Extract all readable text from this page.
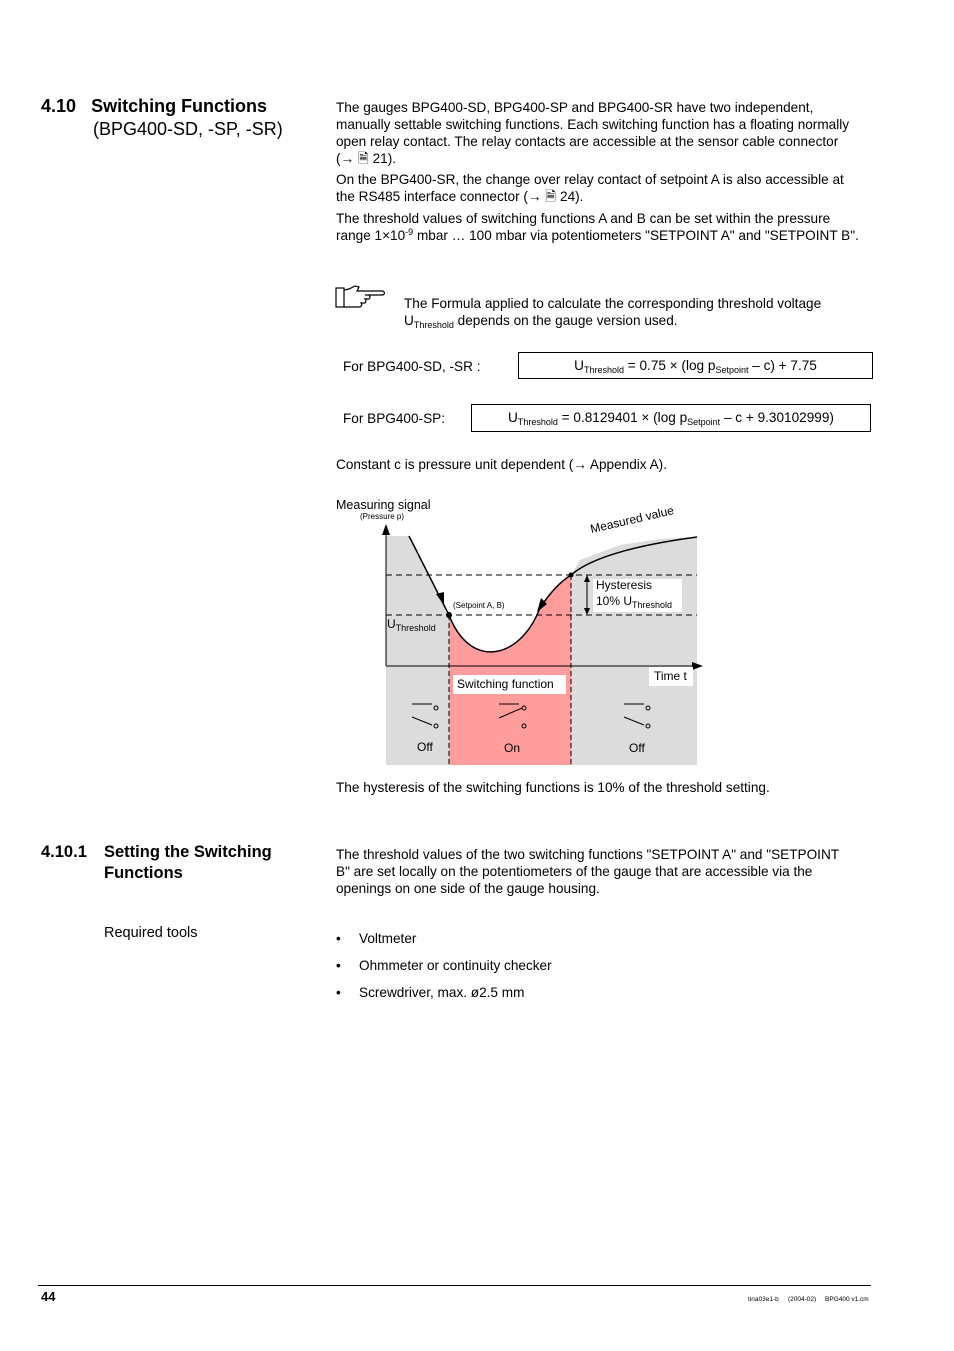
4.10 Switching Functions
(BPG400-SD, -SP, -SR)
The gauges BPG400-SD, BPG400-SP and BPG400-SR have two independent, manually settable switching functions. Each switching function has a floating normally open relay contact. The relay contacts are accessible at the sensor cable connector (→ 🗎 21).
On the BPG400-SR, the change over relay contact of setpoint A is also accessible at the RS485 interface connector (→ 🗎 24).
The threshold values of switching functions A and B can be set within the pressure range $1\times 10^{-9}$ mbar … 100 mbar via potentiometers "SETPOINT A" and "SETPOINT B".
The Formula applied to calculate the corresponding threshold voltage $U_{Threshold}$ depends on the gauge version used.
For BPG400-SD, -SR :	$U_{Threshold} = 0.75 \times (\log$ $p_{Setpoint} - c) + 7.75$
For BPG400-SP:	$U_{Threshold} = 0.8129401 \times (\log$ $p_{Setpoint} - c + 9.30102999$)
Constant c is pressure unit dependent (→ Appendix A).
Measuring signal
(Pressure p)	Measured value
Hysteresis
10% $U_{Threshold}$
$U_{Threshold}$
(Setpoint A, B)
Time t
Switching function
Off	On	Off
The hysteresis of the switching functions is 10% of the threshold setting.
4.10.1 Setting the Switching
Functions
The threshold values of the two switching functions "SETPOINT A" and "SETPOINT B" are set locally on the potentiometers of the gauge that are accessible via the openings on one side of the gauge housing.
Required tools	• Voltmeter
• Ohmmeter or continuity checker
• Screwdriver, max. ø2.5 mm
44	tina03e1-b (2004-02) BPG400 v1.cm
